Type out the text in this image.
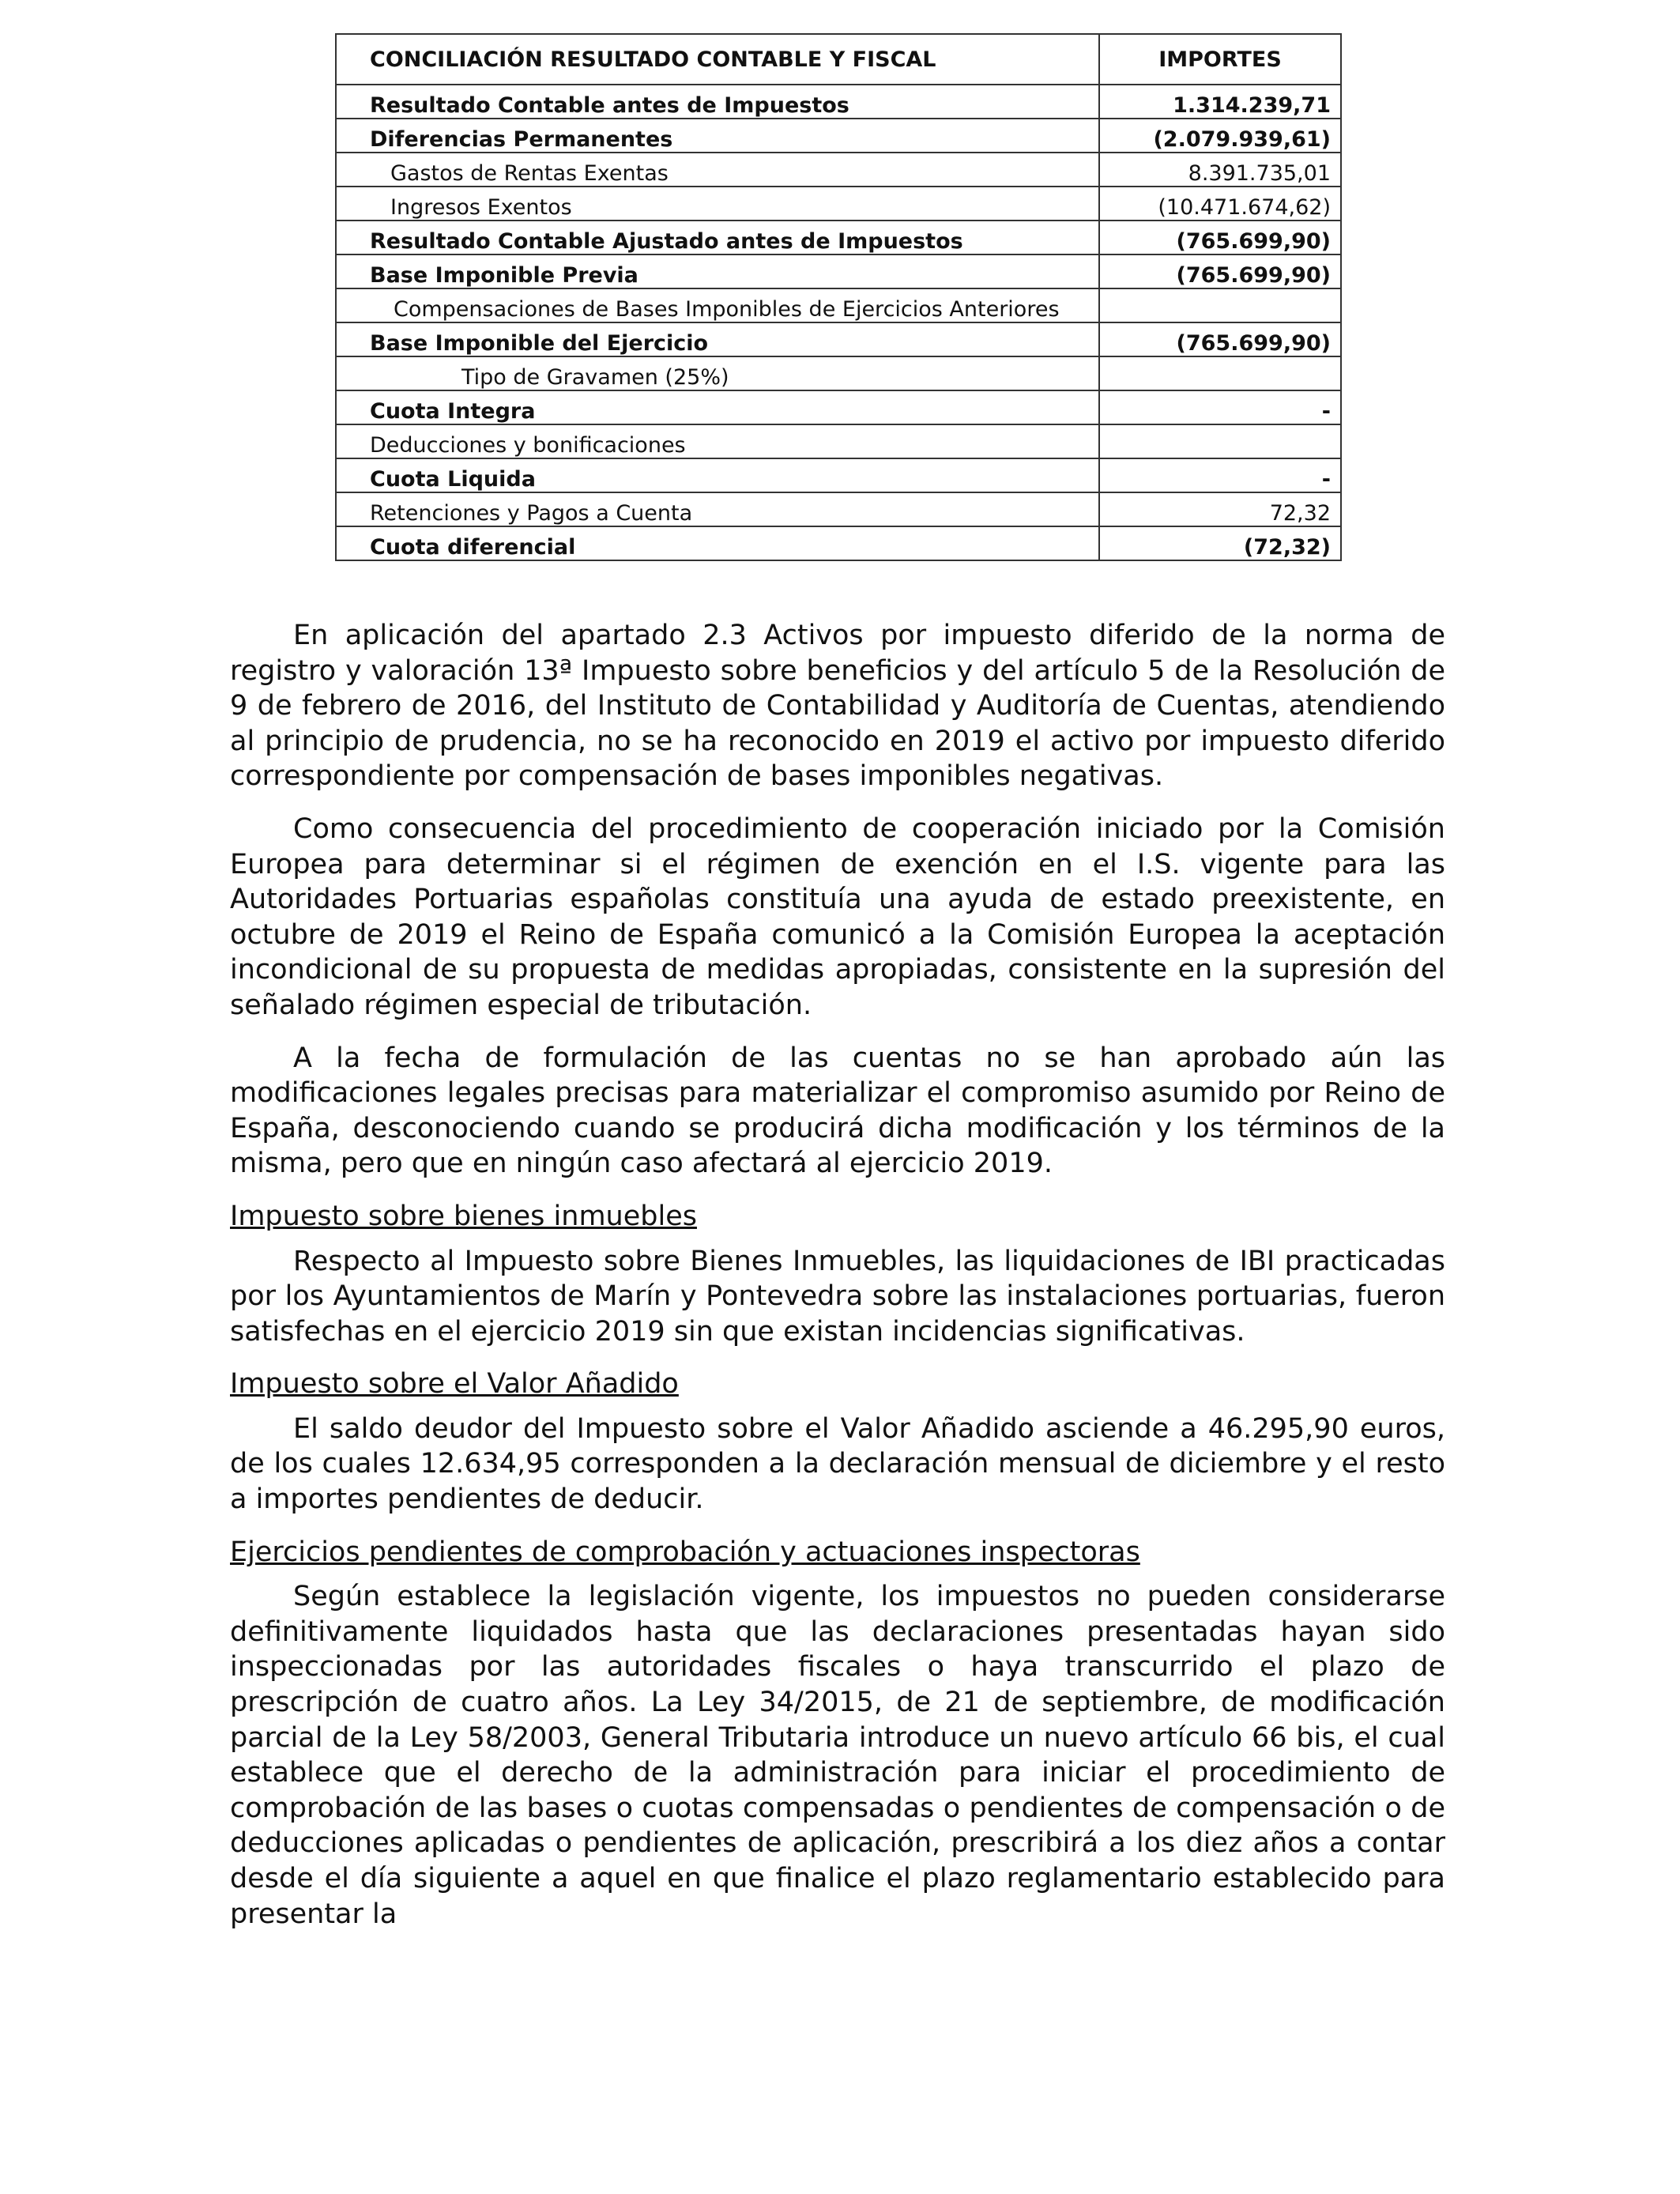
CONCILIACIÓN RESULTADO CONTABLE Y FISCAL	IMPORTES
Resultado Contable antes de Impuestos	1.314.239,71
Diferencias Permanentes	(2.079.939,61)
Gastos de Rentas Exentas	8.391.735,01
Ingresos Exentos	(10.471.674,62)
Resultado Contable Ajustado antes de Impuestos	(765.699,90)
Base Imponible Previa	(765.699,90)
Compensaciones de Bases Imponibles de Ejercicios Anteriores	
Base Imponible del Ejercicio	(765.699,90)
Tipo de Gravamen (25%)	
Cuota Integra	-
Deducciones y bonificaciones	
Cuota Liquida	-
Retenciones y Pagos a Cuenta	72,32
Cuota diferencial	(72,32)

En aplicación del apartado 2.3 Activos por impuesto diferido de la norma de registro y valoración 13ª Impuesto sobre beneficios y del artículo 5 de la Resolución de 9 de febrero de 2016, del Instituto de Contabilidad y Auditoría de Cuentas, atendiendo al principio de prudencia, no se ha reconocido en 2019 el activo por impuesto diferido correspondiente por compensación de bases imponibles negativas.

Como consecuencia del procedimiento de cooperación iniciado por la Comisión Europea para determinar si el régimen de exención en el I.S. vigente para las Autoridades Portuarias españolas constituía una ayuda de estado preexistente, en octubre de 2019 el Reino de España comunicó a la Comisión Europea la aceptación incondicional de su propuesta de medidas apropiadas, consistente en la supresión del señalado régimen especial de tributación.

A la fecha de formulación de las cuentas no se han aprobado aún las modificaciones legales precisas para materializar el compromiso asumido por Reino de España, desconociendo cuando se producirá dicha modificación y los términos de la misma, pero que en ningún caso afectará al ejercicio 2019.

Impuesto sobre bienes inmuebles

Respecto al Impuesto sobre Bienes Inmuebles, las liquidaciones de IBI practicadas por los Ayuntamientos de Marín y Pontevedra sobre las instalaciones portuarias, fueron satisfechas en el ejercicio 2019 sin que existan incidencias significativas.

Impuesto sobre el Valor Añadido

El saldo deudor del Impuesto sobre el Valor Añadido asciende a 46.295,90 euros, de los cuales 12.634,95 corresponden a la declaración mensual de diciembre y el resto a importes pendientes de deducir.

Ejercicios pendientes de comprobación y actuaciones inspectoras

Según establece la legislación vigente, los impuestos no pueden considerarse definitivamente liquidados hasta que las declaraciones presentadas hayan sido inspeccionadas por las autoridades fiscales o haya transcurrido el plazo de prescripción de cuatro años. La Ley 34/2015, de 21 de septiembre, de modificación parcial de la Ley 58/2003, General Tributaria introduce un nuevo artículo 66 bis, el cual establece que el derecho de la administración para iniciar el procedimiento de comprobación de las bases o cuotas compensadas o pendientes de compensación o de deducciones aplicadas o pendientes de aplicación, prescribirá a los diez años a contar desde el día siguiente a aquel en que finalice el plazo reglamentario establecido para presentar la
